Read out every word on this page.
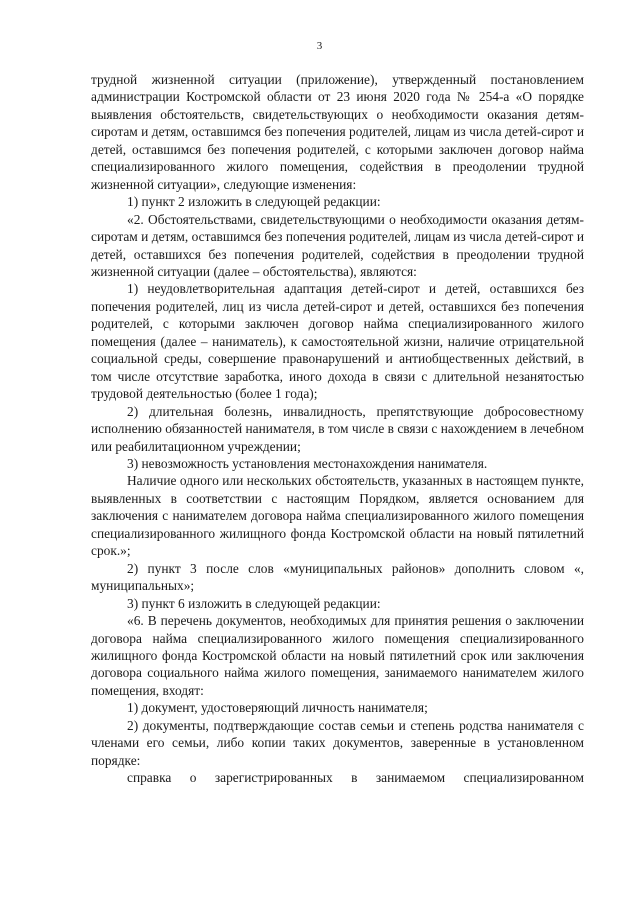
3

трудной жизненной ситуации (приложение), утвержденный постановлением администрации Костромской области от 23 июня 2020 года № 254-а «О порядке выявления обстоятельств, свидетельствующих о необходимости оказания детям-сиротам и детям, оставшимся без попечения родителей, лицам из числа детей-сирот и детей, оставшимся без попечения родителей, с которыми заключен договор найма специализированного жилого помещения, содействия в преодолении трудной жизненной ситуации», следующие изменения:

1) пункт 2 изложить в следующей редакции:

«2. Обстоятельствами, свидетельствующими о необходимости оказания детям-сиротам и детям, оставшимся без попечения родителей, лицам из числа детей-сирот и детей, оставшихся без попечения родителей, содействия в преодолении трудной жизненной ситуации (далее – обстоятельства), являются:

1) неудовлетворительная адаптация детей-сирот и детей, оставшихся без попечения родителей, лиц из числа детей-сирот и детей, оставшихся без попечения родителей, с которыми заключен договор найма специализированного жилого помещения (далее – наниматель), к самостоятельной жизни, наличие отрицательной социальной среды, совершение правонарушений и антиобщественных действий, в том числе отсутствие заработка, иного дохода в связи с длительной незанятостью трудовой деятельностью (более 1 года);

2) длительная болезнь, инвалидность, препятствующие добросовестному исполнению обязанностей нанимателя, в том числе в связи с нахождением в лечебном или реабилитационном учреждении;

3) невозможность установления местонахождения нанимателя.

Наличие одного или нескольких обстоятельств, указанных в настоящем пункте, выявленных в соответствии с настоящим Порядком, является основанием для заключения с нанимателем договора найма специализированного жилого помещения специализированного жилищного фонда Костромской области на новый пятилетний срок.»;

2) пункт 3 после слов «муниципальных районов» дополнить словом «, муниципальных»;

3) пункт 6 изложить в следующей редакции:

«6. В перечень документов, необходимых для принятия решения о заключении договора найма специализированного жилого помещения специализированного жилищного фонда Костромской области на новый пятилетний срок или заключения договора социального найма жилого помещения, занимаемого нанимателем жилого помещения, входят:

1) документ, удостоверяющий личность нанимателя;

2) документы, подтверждающие состав семьи и степень родства нанимателя с членами его семьи, либо копии таких документов, заверенные в установленном порядке:

справка о зарегистрированных в занимаемом специализированном
